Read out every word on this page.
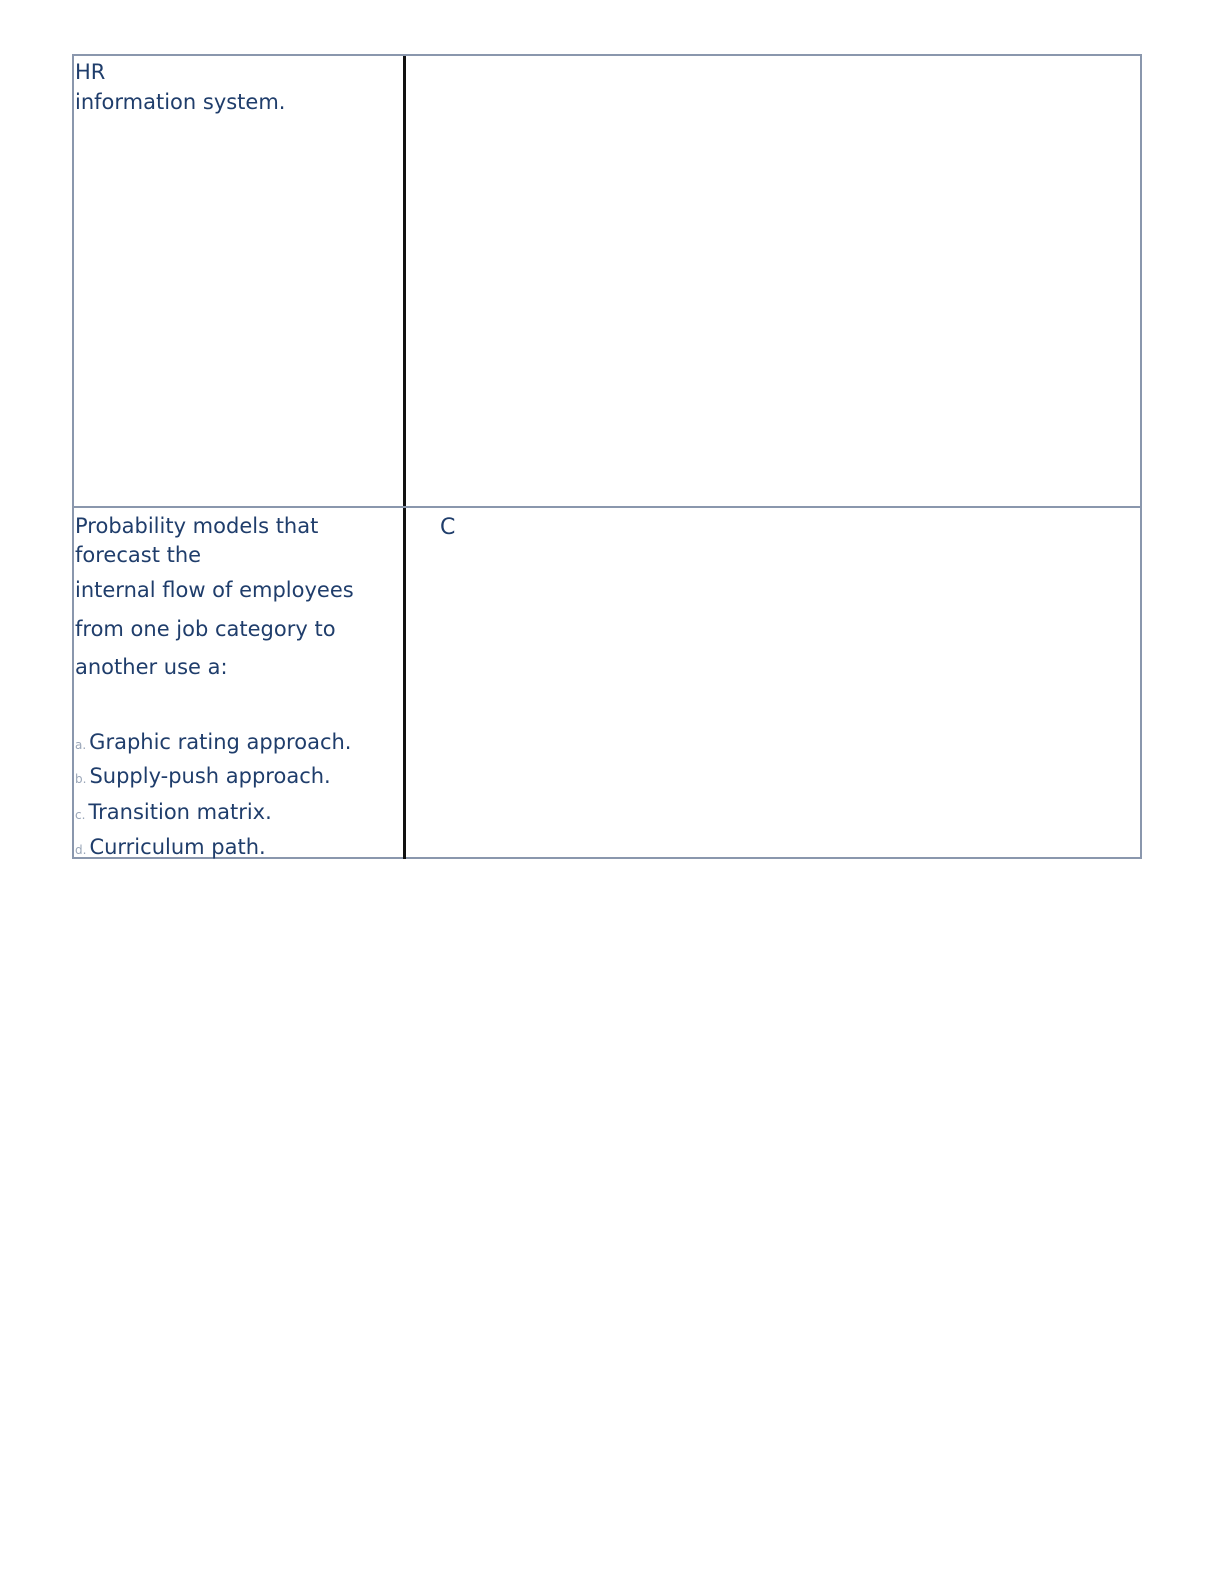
HR
information system.
Probability models that
forecast the
internal flow of employees
from one job category to
another use a:
a. Graphic rating approach.
b. Supply-push approach.
c. Transition matrix.
d. Curriculum path.
C
